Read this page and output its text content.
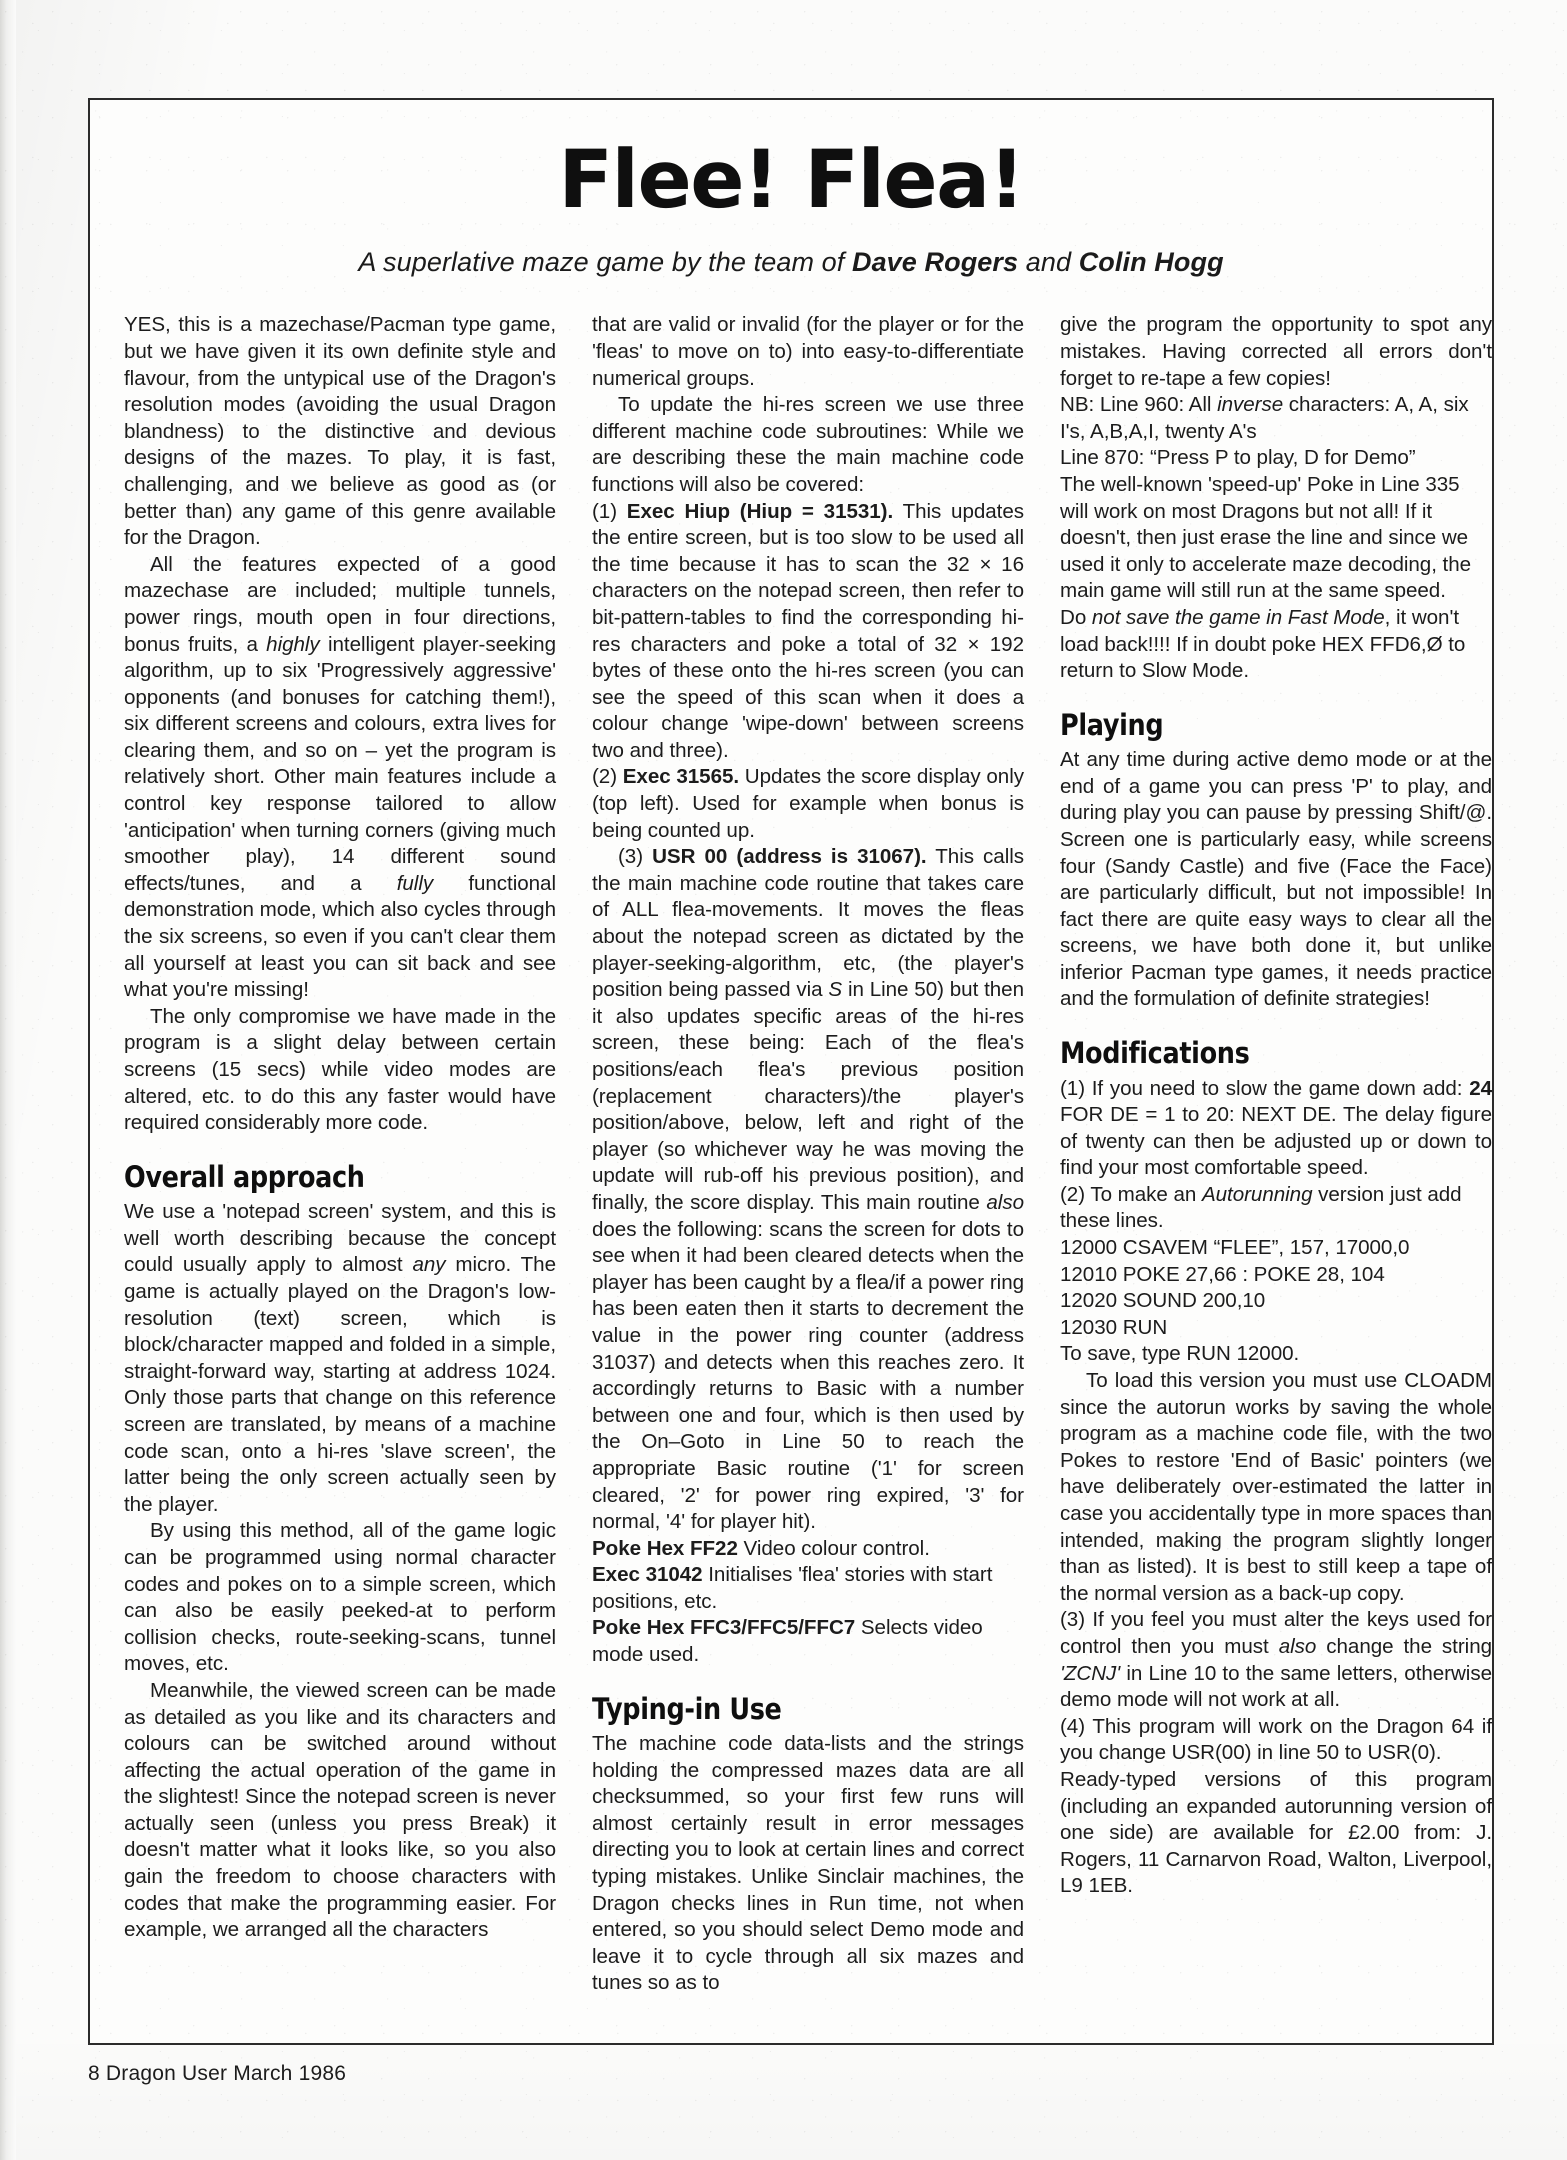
Flee! Flea!

A superlative maze game by the team of Dave Rogers and Colin Hogg

YES, this is a mazechase/Pacman type game, but we have given it its own definite style and flavour, from the untypical use of the Dragon's resolution modes (avoiding the usual Dragon blandness) to the distinctive and devious designs of the mazes. To play, it is fast, challenging, and we believe as good as (or better than) any game of this genre available for the Dragon.
All the features expected of a good mazechase are included; multiple tunnels, power rings, mouth open in four directions, bonus fruits, a highly intelligent player-seeking algorithm, up to six 'Progressively aggressive' opponents (and bonuses for catching them!), six different screens and colours, extra lives for clearing them, and so on – yet the program is relatively short. Other main features include a control key response tailored to allow 'anticipation' when turning corners (giving much smoother play), 14 different sound effects/tunes, and a fully functional demonstration mode, which also cycles through the six screens, so even if you can't clear them all yourself at least you can sit back and see what you're missing!
The only compromise we have made in the program is a slight delay between certain screens (15 secs) while video modes are altered, etc. to do this any faster would have required considerably more code.
Overall approach
We use a 'notepad screen' system, and this is well worth describing because the concept could usually apply to almost any micro. The game is actually played on the Dragon's low-resolution (text) screen, which is block/character mapped and folded in a simple, straight-forward way, starting at address 1024. Only those parts that change on this reference screen are translated, by means of a machine code scan, onto a hi-res 'slave screen', the latter being the only screen actually seen by the player.
By using this method, all of the game logic can be programmed using normal character codes and pokes on to a simple screen, which can also be easily peeked-at to perform collision checks, route-seeking-scans, tunnel moves, etc.
Meanwhile, the viewed screen can be made as detailed as you like and its characters and colours can be switched around without affecting the actual operation of the game in the slightest! Since the notepad screen is never actually seen (unless you press Break) it doesn't matter what it looks like, so you also gain the freedom to choose characters with codes that make the programming easier. For example, we arranged all the characters
that are valid or invalid (for the player or for the 'fleas' to move on to) into easy-to-differentiate numerical groups.
To update the hi-res screen we use three different machine code subroutines: While we are describing these the main machine code functions will also be covered:
(1) Exec Hiup (Hiup = 31531). This updates the entire screen, but is too slow to be used all the time because it has to scan the 32 × 16 characters on the notepad screen, then refer to bit-pattern-tables to find the corresponding hi-res characters and poke a total of 32 × 192 bytes of these onto the hi-res screen (you can see the speed of this scan when it does a colour change 'wipe-down' between screens two and three).
(2) Exec 31565. Updates the score display only (top left). Used for example when bonus is being counted up.
(3) USR 00 (address is 31067). This calls the main machine code routine that takes care of ALL flea-movements. It moves the fleas about the notepad screen as dictated by the player-seeking-algorithm, etc, (the player's position being passed via S in Line 50) but then it also updates specific areas of the hi-res screen, these being: Each of the flea's positions/each flea's previous position (replacement characters)/the player's position/above, below, left and right of the player (so whichever way he was moving the update will rub-off his previous position), and finally, the score display. This main routine also does the following: scans the screen for dots to see when it had been cleared detects when the player has been caught by a flea/if a power ring has been eaten then it starts to decrement the value in the power ring counter (address 31037) and detects when this reaches zero. It accordingly returns to Basic with a number between one and four, which is then used by the On–Goto in Line 50 to reach the appropriate Basic routine ('1' for screen cleared, '2' for power ring expired, '3' for normal, '4' for player hit).
Poke Hex FF22 Video colour control.
Exec 31042 Initialises 'flea' stories with start positions, etc.
Poke Hex FFC3/FFC5/FFC7 Selects video mode used.
Typing-in Use
The machine code data-lists and the strings holding the compressed mazes data are all checksummed, so your first few runs will almost certainly result in error messages directing you to look at certain lines and correct typing mistakes. Unlike Sinclair machines, the Dragon checks lines in Run time, not when entered, so you should select Demo mode and leave it to cycle through all six mazes and tunes so as to
give the program the opportunity to spot any mistakes. Having corrected all errors don't forget to re-tape a few copies!
NB: Line 960: All inverse characters: A, A, six I's, A,B,A,I, twenty A's
Line 870: “Press P to play, D for Demo”
The well-known 'speed-up' Poke in Line 335 will work on most Dragons but not all! If it doesn't, then just erase the line and since we used it only to accelerate maze decoding, the main game will still run at the same speed.
Do not save the game in Fast Mode, it won't load back!!!! If in doubt poke HEX FFD6,Ø to return to Slow Mode.
Playing
At any time during active demo mode or at the end of a game you can press 'P' to play, and during play you can pause by pressing Shift/@. Screen one is particularly easy, while screens four (Sandy Castle) and five (Face the Face) are particularly difficult, but not impossible! In fact there are quite easy ways to clear all the screens, we have both done it, but unlike inferior Pacman type games, it needs practice and the formulation of definite strategies!
Modifications
(1) If you need to slow the game down add: 24 FOR DE = 1 to 20: NEXT DE. The delay figure of twenty can then be adjusted up or down to find your most comfortable speed.
(2) To make an Autorunning version just add these lines.
12000 CSAVEM “FLEE”, 157, 17000,0
12010 POKE 27,66 : POKE 28, 104
12020 SOUND 200,10
12030 RUN
To save, type RUN 12000.
To load this version you must use CLOADM since the autorun works by saving the whole program as a machine code file, with the two Pokes to restore 'End of Basic' pointers (we have deliberately over-estimated the latter in case you accidentally type in more spaces than intended, making the program slightly longer than as listed). It is best to still keep a tape of the normal version as a back-up copy.
(3) If you feel you must alter the keys used for control then you must also change the string 'ZCNJ' in Line 10 to the same letters, otherwise demo mode will not work at all.
(4) This program will work on the Dragon 64 if you change USR(00) in line 50 to USR(0).
Ready-typed versions of this program (including an expanded autorunning version of one side) are available for £2.00 from: J. Rogers, 11 Carnarvon Road, Walton, Liverpool, L9 1EB.
8 Dragon User March 1986
